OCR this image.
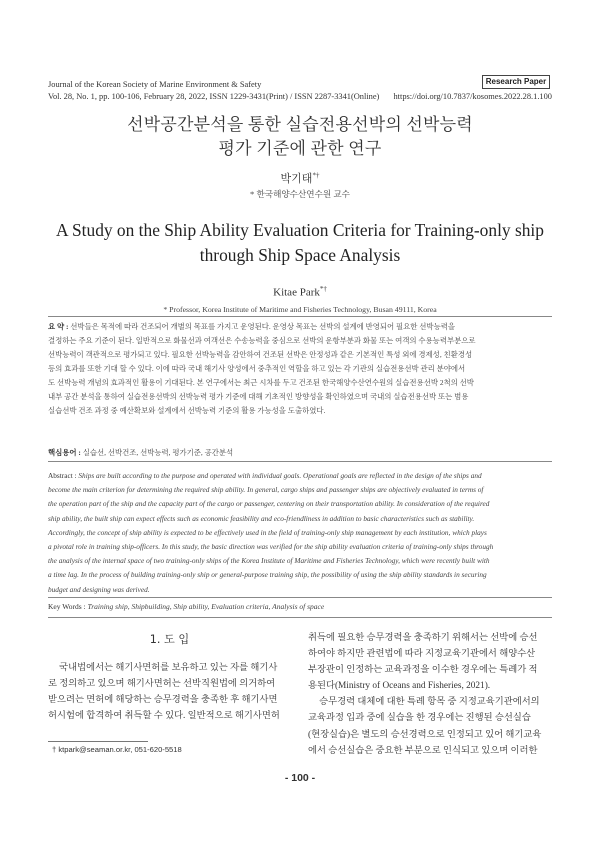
Journal of the Korean Society of Marine Environment & Safety	Research Paper
Vol. 28, No. 1, pp. 100-106, February 28, 2022, ISSN 1229-3431(Print) / ISSN 2287-3341(Online) https://doi.org/10.7837/kosomes.2022.28.1.100
선박공간분석을 통한 실습전용선박의 선박능력
평가 기준에 관한 연구
박기태*†
* 한국해양수산연수원 교수
A Study on the Ship Ability Evaluation Criteria for Training-only ship
through Ship Space Analysis
Kitae Park*†
* Professor, Korea Institute of Maritime and Fisheries Technology, Busan 49111, Korea
요 약 : 선박들은 목적에 따라 건조되어 개별의 목표를 가지고 운영된다. 운영상 목표는 선박의 설계에 반영되어 필요한 선박능력을
결정하는 주요 기준이 된다. 일반적으로 화물선과 여객선은 수송능력을 중심으로 선박의 운항부분과 화물 또는 여객의 수용능력부분으로
선박능력이 객관적으로 평가되고 있다. 필요한 선박능력을 감안하여 건조된 선박은 안정성과 같은 기본적인 특성 외에 경제성, 친환경성
등의 효과를 또한 기대 할 수 있다. 이에 따라 국내 해기사 양성에서 중추적인 역할을 하고 있는 각 기관의 실습전용선박 관리 분야에서
도 선박능력 개념의 효과적인 활용이 기대된다. 본 연구에서는 최근 시차를 두고 건조된 한국해양수산연수원의 실습전용선박 2척의 선박
내부 공간 분석을 통하여 실습전용선박의 선박능력 평가 기준에 대해 기초적인 방향성을 확인하였으며 국내의 실습전용선박 또는 범용
실습선박 건조 과정 중 예산확보와 설계에서 선박능력 기준의 활용 가능성을 도출하였다.
핵심용어 : 실습선, 선박건조, 선박능력, 평가기준, 공간분석
Abstract : Ships are built according to the purpose and operated with individual goals. Operational goals are reflected in the design of the ships and
become the main criterion for determining the required ship ability. In general, cargo ships and passenger ships are objectively evaluated in terms of
the operation part of the ship and the capacity part of the cargo or passenger, centering on their transportation ability. In consideration of the required
ship ability, the built ship can expect effects such as economic feasibility and eco-friendliness in addition to basic characteristics such as stability.
Accordingly, the concept of ship ability is expected to be effectively used in the field of training-only ship management by each institution, which plays
a pivotal role in training ship-officers. In this study, the basic direction was verified for the ship ability evaluation criteria of training-only ships through
the analysis of the internal space of two training-only ships of the Korea Institute of Maritime and Fisheries Technology, which were recently built with
a time lag. In the process of building training-only ship or general-purpose training ship, the possibility of using the ship ability standards in securing
budget and designing was derived.
Key Words : Training ship, Shipbuilding, Ship ability, Evaluation criteria, Analysis of space
1. 도 입

국내법에서는 해기사면허를 보유하고 있는 자를 해기사
로 정의하고 있으며 해기사면허는 선박직원법에 의거하여
받으려는 면허에 해당하는 승무경력을 충족한 후 해기사면
허시험에 합격하여 취득할 수 있다. 일반적으로 해기사면허

† ktpark@seaman.or.kr, 051-620-5518

취득에 필요한 승무경력을 충족하기 위해서는 선박에 승선
하여야 하지만 관련법에 따라 지정교육기관에서 해양수산
부장관이 인정하는 교육과정을 이수한 경우에는 특례가 적
용된다(Ministry of Oceans and Fisheries, 2021).

승무경력 대체에 대한 특례 항목 중 지정교육기관에서의
교육과정 입과 중에 실습을 한 경우에는 진행된 승선실습
(현장실습)은 별도의 승선경력으로 인정되고 있어 해기교육
에서 승선실습은 중요한 부분으로 인식되고 있으며 이러한

- 100 -
